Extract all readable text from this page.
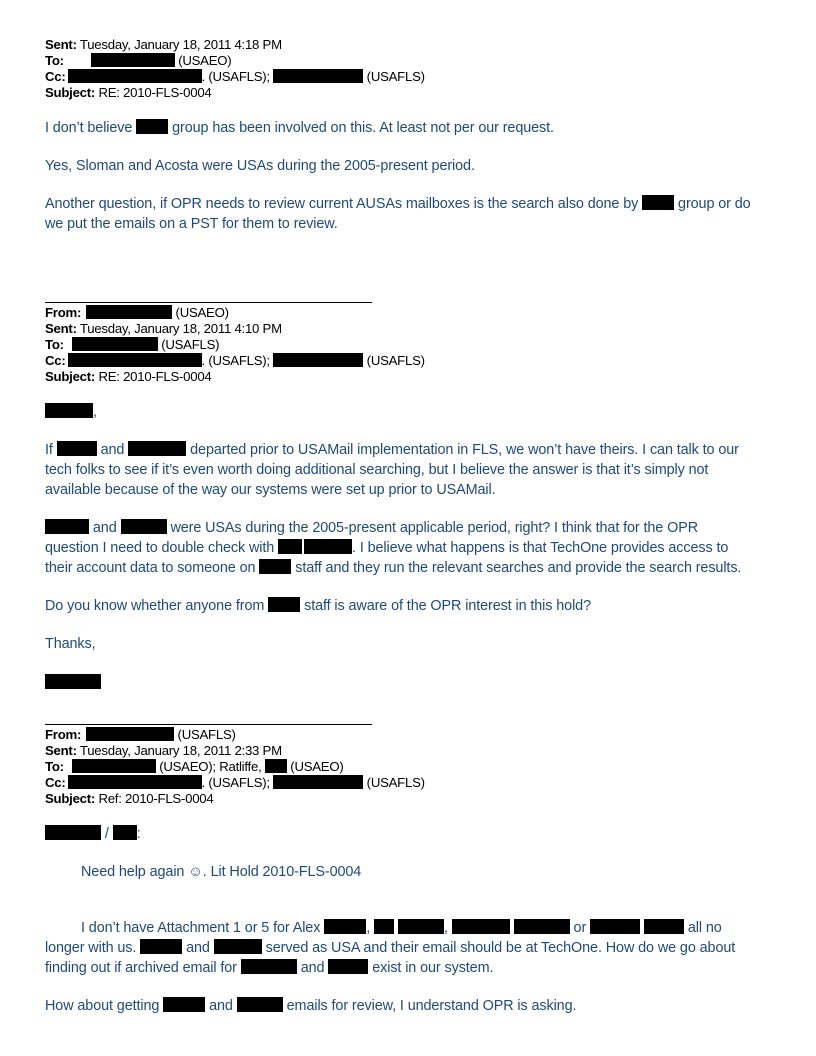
Sent: Tuesday, January 18, 2011 4:18 PM
To:	(USAEO)
Cc:	. (USAFLS);	(USAFLS)
Subject: RE: 2010-FLS-0004
I don’t believe	group has been involved on this. At least not per our request.
Yes, Sloman and Acosta were USAs during the 2005-present period.
Another question, if OPR needs to review current AUSAs mailboxes is the search also done by	group or do
we put the emails on a PST for them to review.
From:	(USAEO)
Sent: Tuesday, January 18, 2011 4:10 PM
To:	(USAFLS)
Cc:	. (USAFLS);	(USAFLS)
Subject: RE: 2010-FLS-0004
,
If	and	departed prior to USAMail implementation in FLS, we won’t have theirs. I can talk to our
tech folks to see if it’s even worth doing additional searching, but I believe the answer is that it’s simply not
available because of the way our systems were set up prior to USAMail.
and	were USAs during the 2005-present applicable period, right? I think that for the OPR
question I need to double check with	. I believe what happens is that TechOne provides access to
their account data to someone on	staff and they run the relevant searches and provide the search results.
Do you know whether anyone from	staff is aware of the OPR interest in this hold?
Thanks,
From:	(USAFLS)
Sent: Tuesday, January 18, 2011 2:33 PM
To:	(USAEO); Ratliffe, (USAEO)
Cc:	. (USAFLS);	(USAFLS)
Subject: Ref: 2010-FLS-0004
/ :
Need help again ☺. Lit Hold 2010-FLS-0004
I don’t have Attachment 1 or 5 for Alex	,	,	or	all no
longer with us.	and	served as USA and their email should be at TechOne. How do we go about
finding out if archived email for	and	exist in our system.
How about getting	and	emails for review, I understand OPR is asking.
